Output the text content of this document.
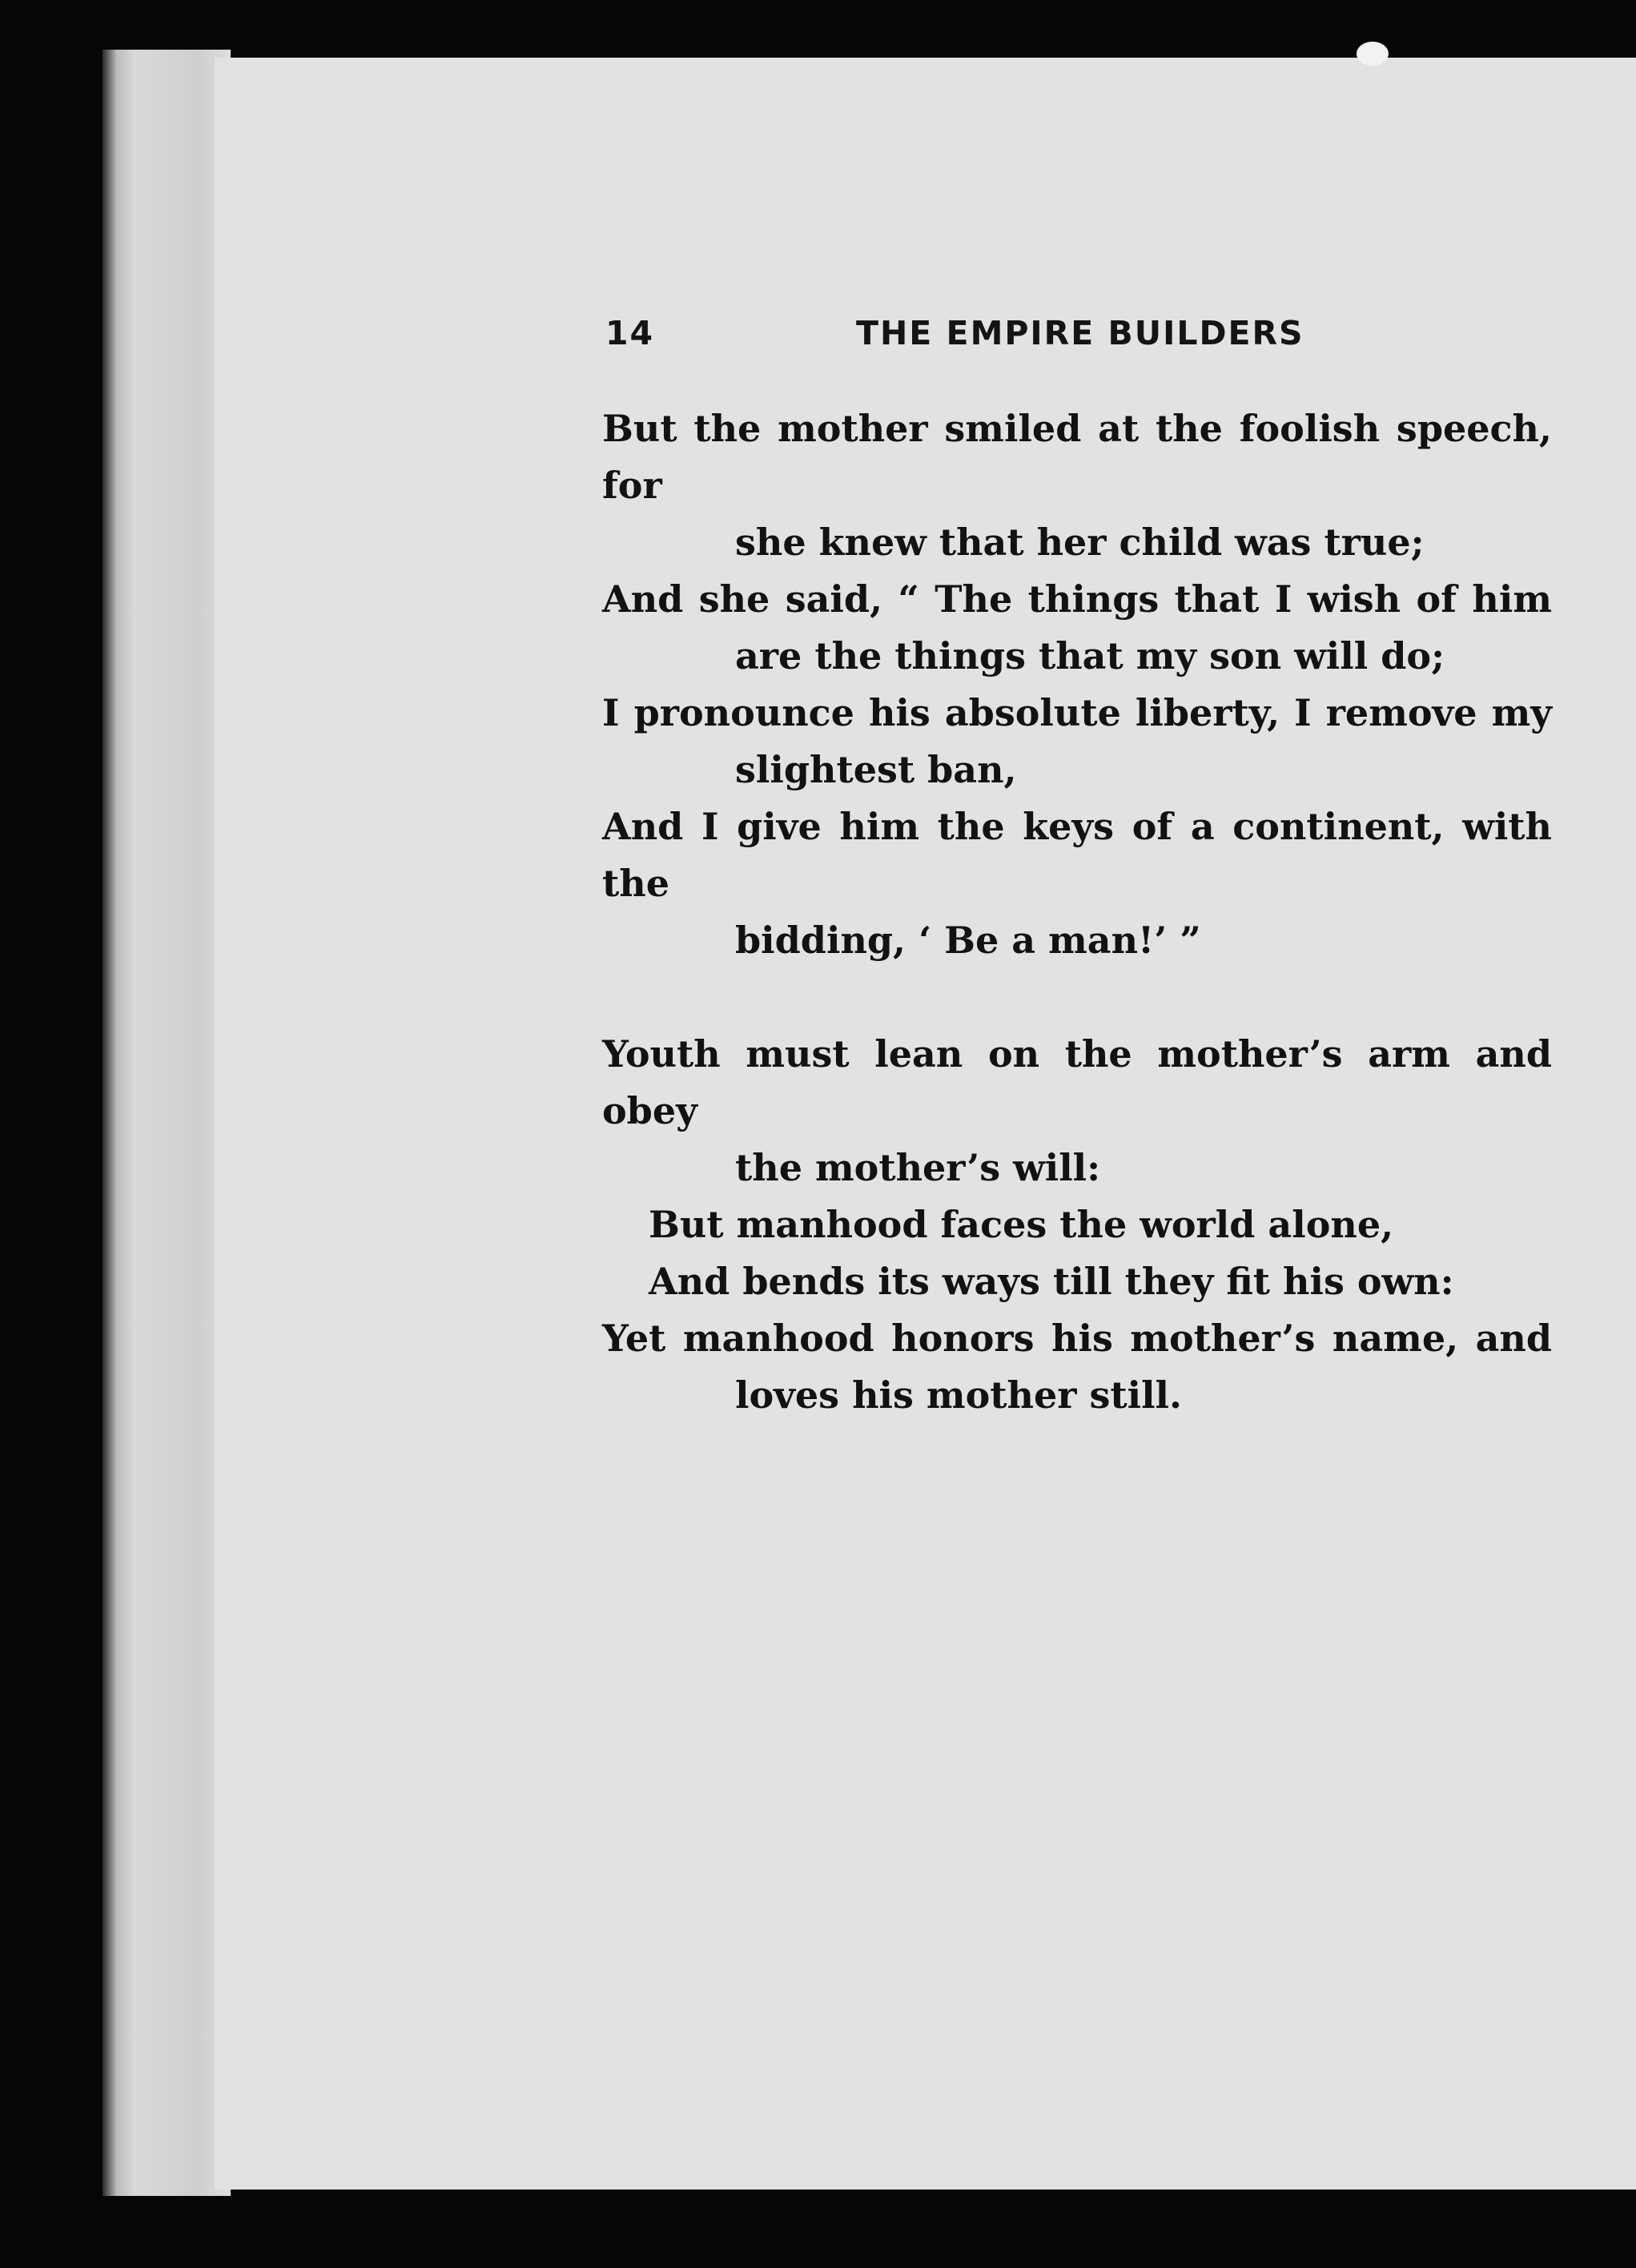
14	THE EMPIRE BUILDERS
But the mother smiled at the foolish speech, for
she knew that her child was true;
And she said, “ The things that I wish of him
are the things that my son will do;
I pronounce his absolute liberty, I remove my
slightest ban,
And I give him the keys of a continent, with the
bidding, ‘ Be a man!’ ”
Youth must lean on the mother’s arm and obey
the mother’s will:
But manhood faces the world alone,
And bends its ways till they fit his own:
Yet manhood honors his mother’s name, and
loves his mother still.
